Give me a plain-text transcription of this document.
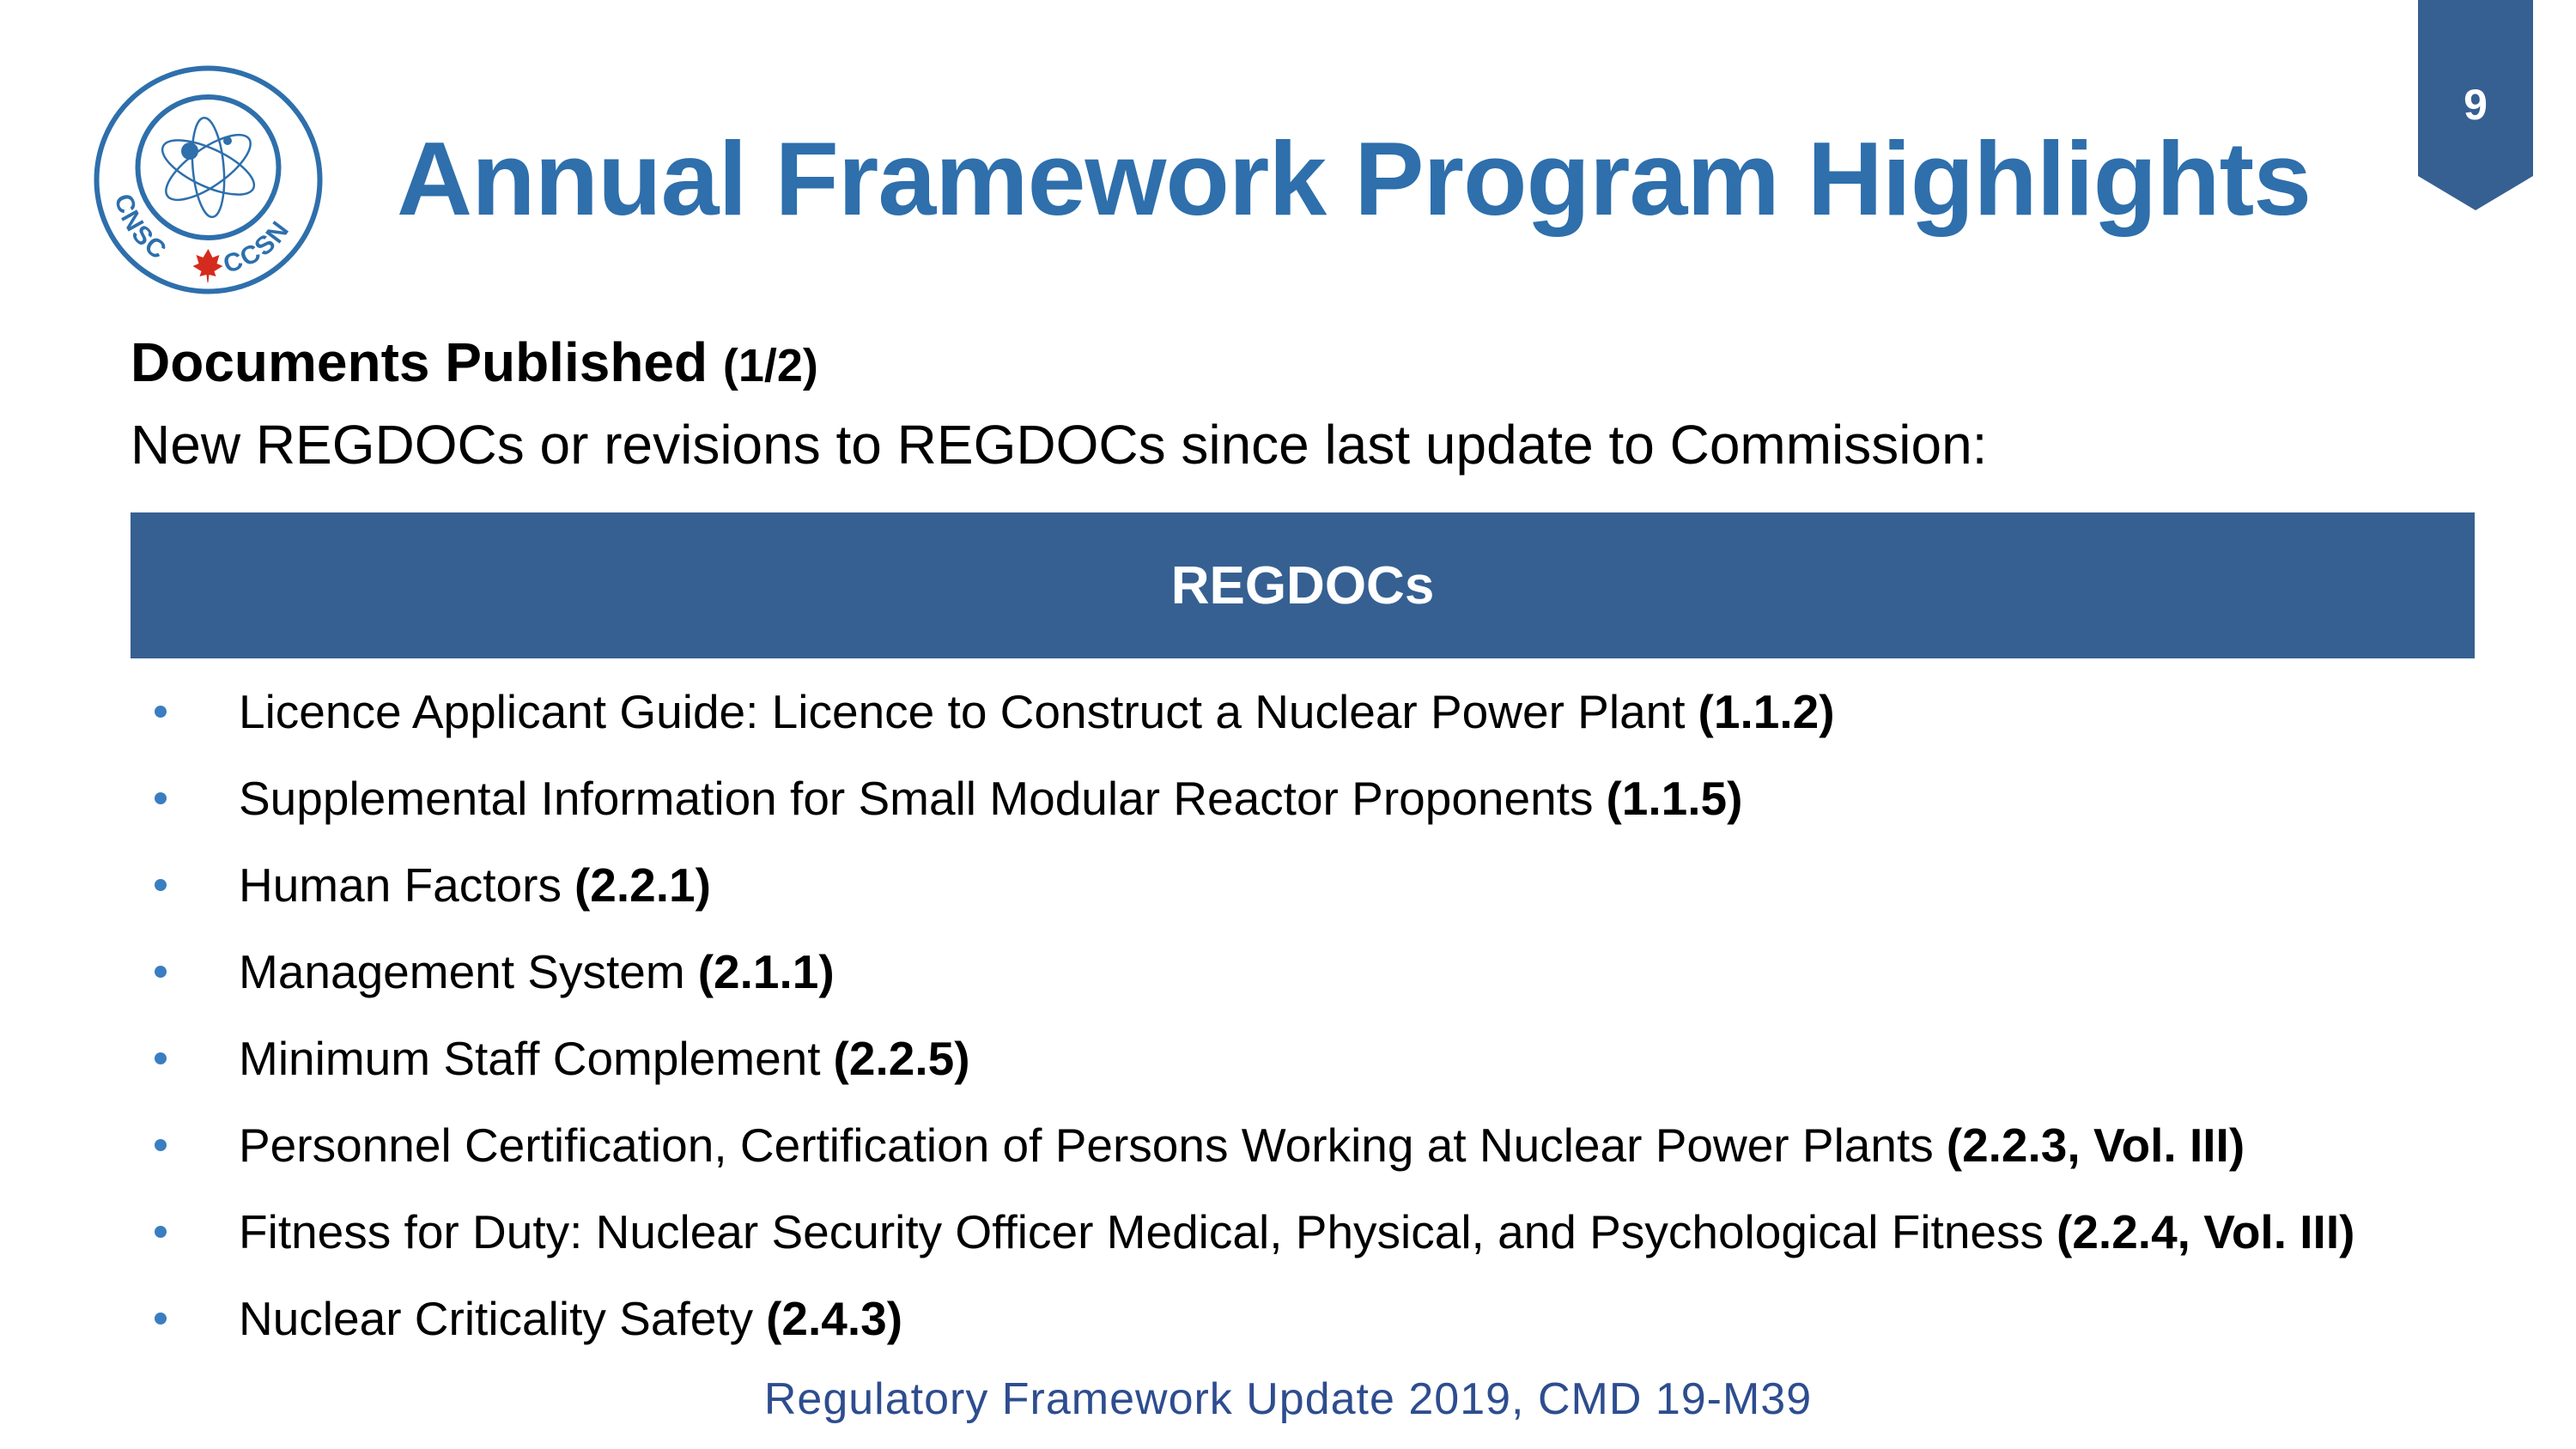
CNSC CCSN
9
Annual Framework Program Highlights
Documents Published (1/2)
New REGDOCs or revisions to REGDOCs since last update to Commission:
REGDOCs
Licence Applicant Guide: Licence to Construct a Nuclear Power Plant (1.1.2)
Supplemental Information for Small Modular Reactor Proponents (1.1.5)
Human Factors (2.2.1)
Management System (2.1.1)
Minimum Staff Complement (2.2.5)
Personnel Certification, Certification of Persons Working at Nuclear Power Plants (2.2.3, Vol. III)
Fitness for Duty: Nuclear Security Officer Medical, Physical, and Psychological Fitness (2.2.4, Vol. III)
Nuclear Criticality Safety (2.4.3)
Regulatory Framework Update 2019, CMD 19-M39
